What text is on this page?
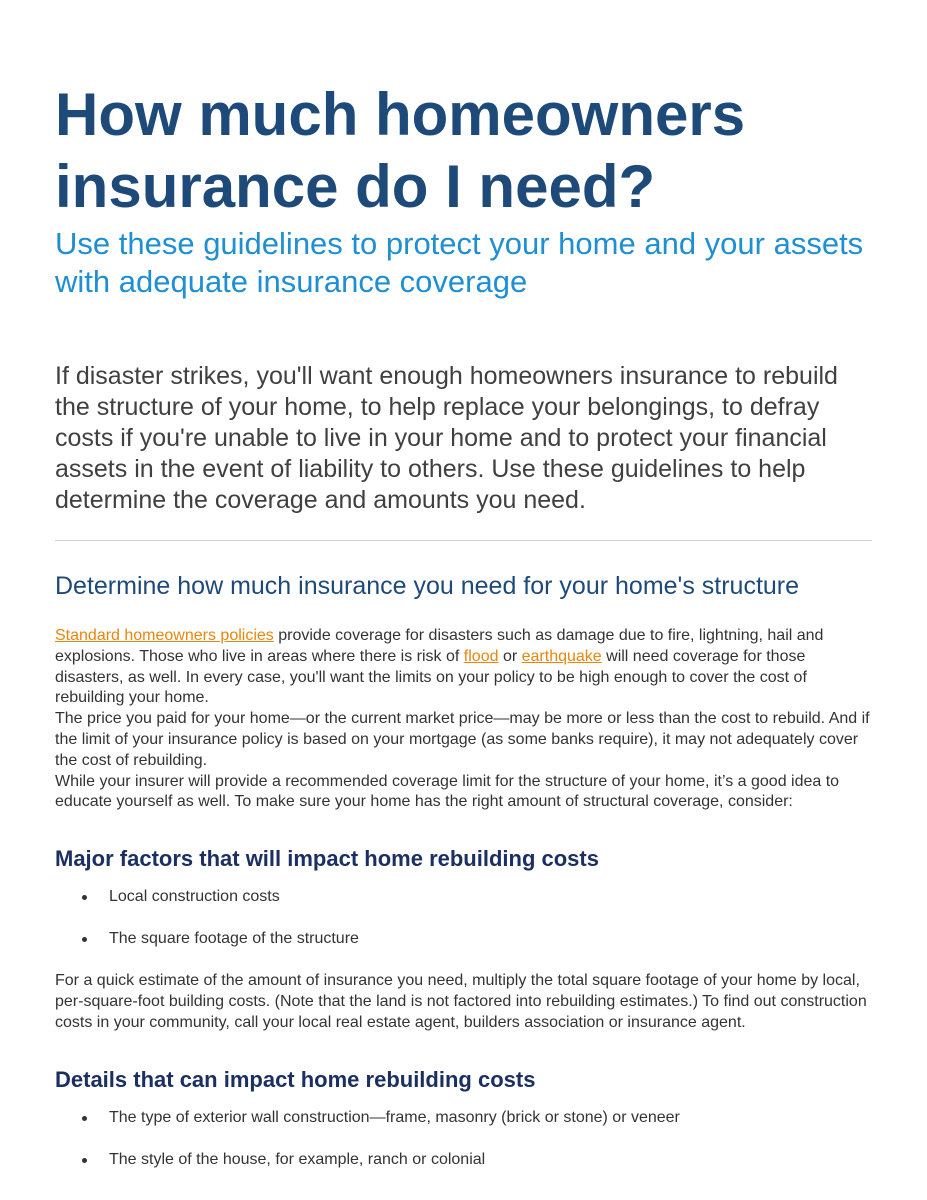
How much homeowners insurance do I need?
Use these guidelines to protect your home and your assets with adequate insurance coverage

If disaster strikes, you'll want enough homeowners insurance to rebuild the structure of your home, to help replace your belongings, to defray costs if you're unable to live in your home and to protect your financial assets in the event of liability to others. Use these guidelines to help determine the coverage and amounts you need.

Determine how much insurance you need for your home's structure

Standard homeowners policies provide coverage for disasters such as damage due to fire, lightning, hail and explosions. Those who live in areas where there is risk of flood or earthquake will need coverage for those disasters, as well. In every case, you'll want the limits on your policy to be high enough to cover the cost of rebuilding your home.

The price you paid for your home—or the current market price—may be more or less than the cost to rebuild. And if the limit of your insurance policy is based on your mortgage (as some banks require), it may not adequately cover the cost of rebuilding.

While your insurer will provide a recommended coverage limit for the structure of your home, it’s a good idea to educate yourself as well. To make sure your home has the right amount of structural coverage, consider:

Major factors that will impact home rebuilding costs
Local construction costs
The square footage of the structure

For a quick estimate of the amount of insurance you need, multiply the total square footage of your home by local, per-square-foot building costs. (Note that the land is not factored into rebuilding estimates.) To find out construction costs in your community, call your local real estate agent, builders association or insurance agent.

Details that can impact home rebuilding costs
The type of exterior wall construction—frame, masonry (brick or stone) or veneer
The style of the house, for example, ranch or colonial
